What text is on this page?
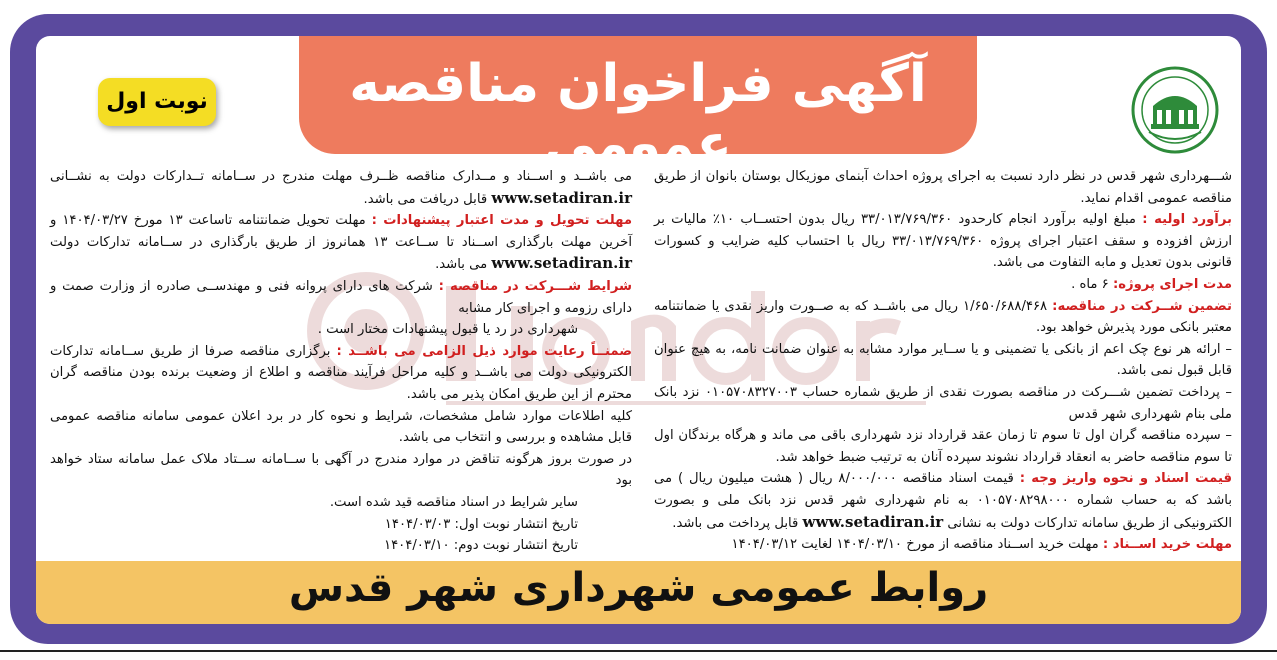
آگهی فراخوان مناقصه عمومی
نوبت اول

شـــهرداری شهر قدس در نظر دارد نسبت به اجرای پروژه احداث آبنمای موزیکال بوستان بانوان از طریق مناقصه عمومی اقدام نماید.

برآورد اولیه : مبلغ اولیه برآورد انجام کارحدود ۳۳/۰۱۳/۷۶۹/۳۶۰ ریال بدون احتســاب ۱۰٪ مالیات بر ارزش افزوده و سقف اعتبار اجرای پروژه ۳۳/۰۱۳/۷۶۹/۳۶۰ ریال با احتساب کلیه ضرایب و کسورات قانونی بدون تعدیل و مابه التفاوت می باشد.

مدت اجرای پروژه: ۶ ماه .

تضمین شــرکت در مناقصه: ۱/۶۵۰/۶۸۸/۴۶۸ ریال می باشــد که به صــورت واریز نقدی یا ضمانتنامه معتبر بانکی مورد پذیرش خواهد بود.

– ارائه هر نوع چک اعم از بانکی یا تضمینی و یا ســایر موارد مشابه به عنوان ضمانت نامه، به هیچ عنوان قابل قبول نمی باشد.

– پرداخت تضمین شـــرکت در مناقصه بصورت نقدی از طریق شماره حساب ۰۱۰۵۷۰۸۳۲۷۰۰۳ نزد بانک ملی بنام شهرداری شهر قدس

– سپرده مناقصه گران اول تا سوم تا زمان عقد قرارداد نزد شهرداری باقی می ماند و هرگاه برندگان اول تا سوم مناقصه حاضر به انعقاد قرارداد نشوند سپرده آنان به ترتیب ضبط خواهد شد.

قیمت اسناد و نحوه واریز وجه : قیمت اسناد مناقصه ۸/۰۰۰/۰۰۰ ریال ( هشت میلیون ریال ) می باشد که به حساب شماره ۰۱۰۵۷۰۸۲۹۸۰۰۰ به نام شهرداری شهر قدس نزد بانک ملی و بصورت الکترونیکی از طریق سامانه تدارکات دولت به نشانی www.setadiran.ir قابل پرداخت می باشد.

مهلت خرید اســناد : مهلت خرید اســناد مناقصه از مورخ ۱۴۰۴/۰۳/۱۰ لغایت ۱۴۰۴/۰۳/۱۲

می باشــد و اســناد و مــدارک مناقصه ظــرف مهلت مندرج در ســامانه تــدارکات دولت به نشــانی www.setadiran.ir قابل دریافت می باشد.

مهلت تحویل و مدت اعتبار پیشنهادات : مهلت تحویل ضمانتنامه تاساعت ۱۳ مورخ ۱۴۰۴/۰۳/۲۷ و آخرین مهلت بارگذاری اســناد تا ســاعت ۱۳ همانروز از طریق بارگذاری در ســامانه تدارکات دولت www.setadiran.ir می باشد.

شرایط شـــرکت در مناقصه : شرکت های دارای پروانه فنی و مهندســی صادره از وزارت صمت و دارای رزومه و اجرای کار مشابه

شهرداری در رد یا قبول پیشنهادات مختار است .

ضمنــاً رعایت موارد ذیل الزامی می باشــد : برگزاری مناقصه صرفا از طریق ســامانه تدارکات الکترونیکی دولت می باشــد و کلیه مراحل فرآیند مناقصه و اطلاع از وضعیت برنده بودن مناقصه گران محترم از این طریق امکان پذیر می باشد.

کلیه اطلاعات موارد شامل مشخصات، شرایط و نحوه کار در برد اعلان عمومی سامانه مناقصه عمومی قابل مشاهده و بررسی و انتخاب می باشد.

در صورت بروز هرگونه تناقض در موارد مندرج در آگهی با ســامانه ســتاد ملاک عمل سامانه ستاد خواهد بود

سایر شرایط در اسناد مناقصه قید شده است.

تاریخ انتشار نوبت اول: ۱۴۰۴/۰۳/۰۳

تاریخ انتشار نوبت دوم: ۱۴۰۴/۰۳/۱۰

روابط عمومی شهرداری شهر قدس
